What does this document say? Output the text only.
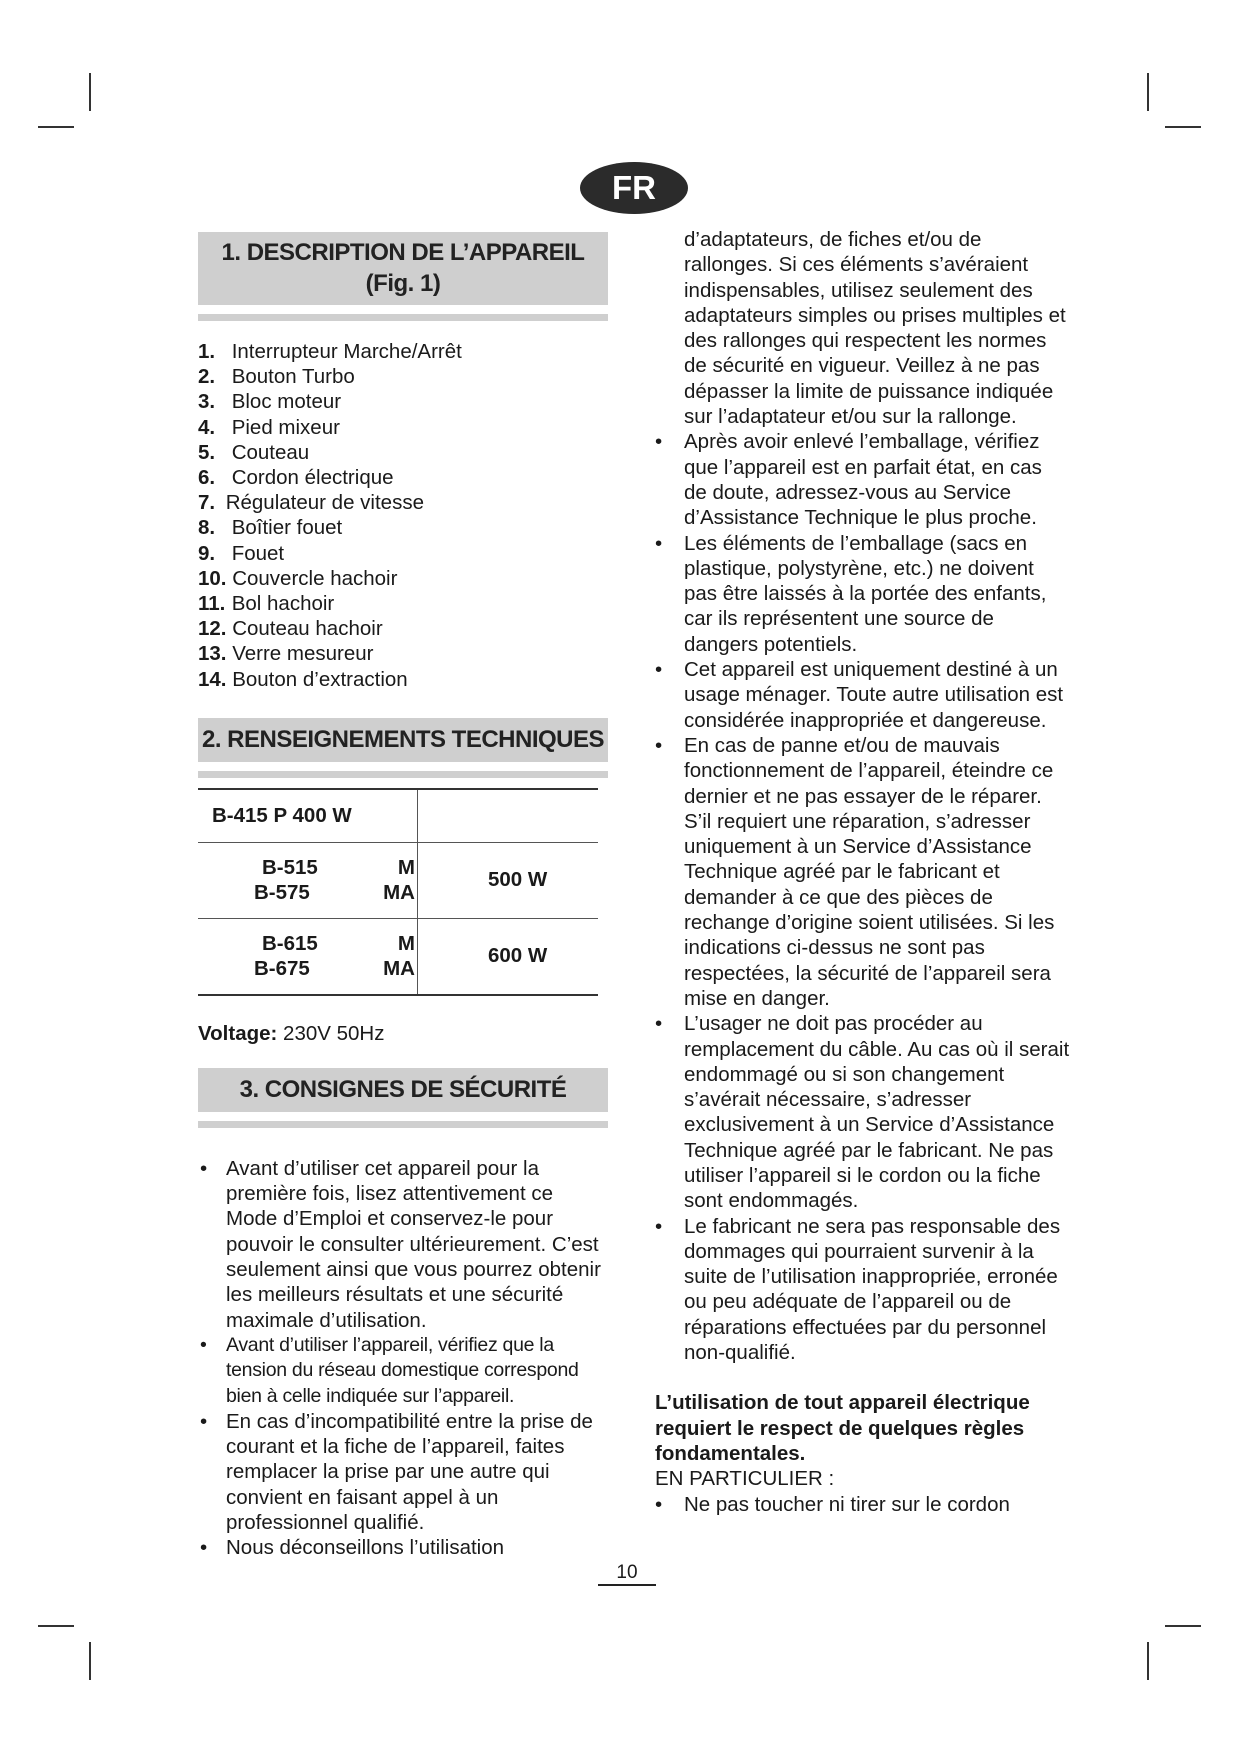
FR
1. DESCRIPTION DE L’APPAREIL
(Fig. 1)
1. Interrupteur Marche/Arrêt
2. Bouton Turbo
3. Bloc moteur
4. Pied mixeur
5. Couteau
6. Cordon électrique
7. Régulateur de vitesse
8. Boîtier fouet
9. Fouet
10. Couvercle hachoir
11. Bol hachoir
12. Couteau hachoir
13. Verre mesureur
14. Bouton d’extraction
2. RENSEIGNEMENTS TECHNIQUES
B-415 P 400 W	

B-515 M
B-575 MA	500 W

B-615 M
B-675 MA	600 W
Voltage: 230V 50Hz
3. CONSIGNES DE SÉCURITÉ
• Avant d’utiliser cet appareil pour la première fois, lisez attentivement ce Mode d’Emploi et conservez-le pour pouvoir le consulter ultérieurement. C’est seulement ainsi que vous pourrez obtenir les meilleurs résultats et une sécurité maximale d’utilisation.
• Avant d’utiliser l’appareil, vérifiez que la tension du réseau domestique correspond bien à celle indiquée sur l’appareil.
• En cas d’incompatibilité entre la prise de courant et la fiche de l’appareil, faites remplacer la prise par une autre qui convient en faisant appel à un professionnel qualifié.
• Nous déconseillons l’utilisation
d’adaptateurs, de fiches et/ou de rallonges. Si ces éléments s’avéraient indispensables, utilisez seulement des adaptateurs simples ou prises multiples et des rallonges qui respectent les normes de sécurité en vigueur. Veillez à ne pas dépasser la limite de puissance indiquée sur l’adaptateur et/ou sur la rallonge.
• Après avoir enlevé l’emballage, vérifiez que l’appareil est en parfait état, en cas de doute, adressez-vous au Service d’Assistance Technique le plus proche.
• Les éléments de l’emballage (sacs en plastique, polystyrène, etc.) ne doivent pas être laissés à la portée des enfants, car ils représentent une source de dangers potentiels.
• Cet appareil est uniquement destiné à un usage ménager. Toute autre utilisation est considérée inappropriée et dangereuse.
• En cas de panne et/ou de mauvais fonctionnement de l’appareil, éteindre ce dernier et ne pas essayer de le réparer. S’il requiert une réparation, s’adresser uniquement à un Service d’Assistance Technique agréé par le fabricant et demander à ce que des pièces de rechange d’origine soient utilisées. Si les indications ci-dessus ne sont pas respectées, la sécurité de l’appareil sera mise en danger.
• L’usager ne doit pas procéder au remplacement du câble. Au cas où il serait endommagé ou si son changement s’avérait nécessaire, s’adresser exclusivement à un Service d’Assistance Technique agréé par le fabricant. Ne pas utiliser l’appareil si le cordon ou la fiche sont endommagés.
• Le fabricant ne sera pas responsable des dommages qui pourraient survenir à la suite de l’utilisation inappropriée, erronée ou peu adéquate de l’appareil ou de réparations effectuées par du personnel non-qualifié.
L’utilisation de tout appareil électrique requiert le respect de quelques règles fondamentales.
EN PARTICULIER :
• Ne pas toucher ni tirer sur le cordon
10
